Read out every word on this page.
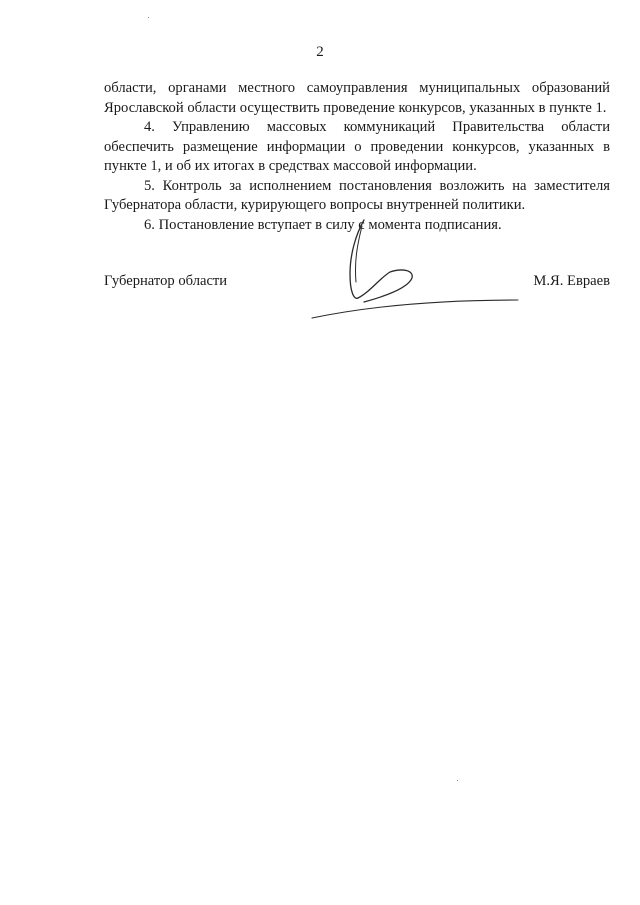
2

области, органами местного самоуправления муниципальных образований Ярославской области осуществить проведение конкурсов, указанных в пункте 1.

4. Управлению массовых коммуникаций Правительства области обеспечить размещение информации о проведении конкурсов, указанных в пункте 1, и об их итогах в средствах массовой информации.

5. Контроль за исполнением постановления возложить на заместителя Губернатора области, курирующего вопросы внутренней политики.

6. Постановление вступает в силу с момента подписания.

Губернатор области	М.Я. Евраев
